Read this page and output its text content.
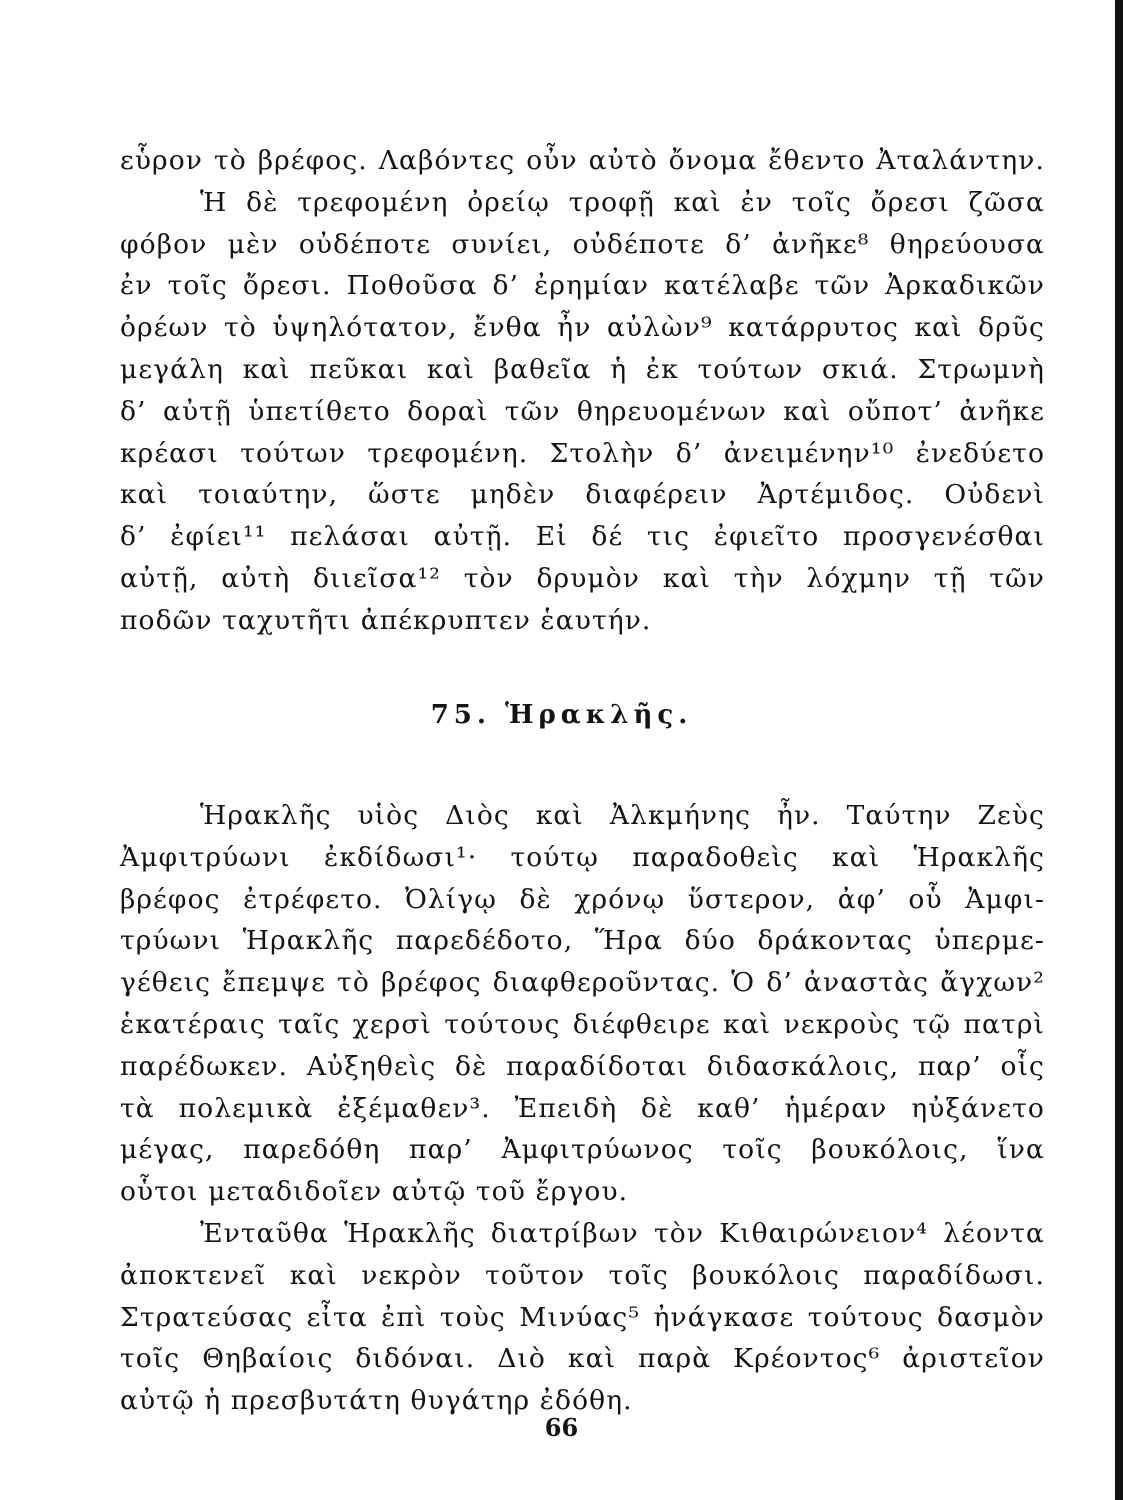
εὗρον τὸ βρέφος. Λαβόντες οὖν αὐτὸ ὄνομα ἔθεντο Ἀταλάντην.
Ἡ δὲ τρεφομένη ὀρείῳ τροφῇ καὶ ἐν τοῖς ὄρεσι ζῶσα
φόβον μὲν οὐδέποτε συνίει, οὐδέποτε δ’ ἀνῆκε⁸ θηρεύουσα
ἐν τοῖς ὄρεσι. Ποθοῦσα δ’ ἐρημίαν κατέλαβε τῶν Ἀρκαδικῶν
ὀρέων τὸ ὑψηλότατον, ἔνθα ἦν αὐλὼν⁹ κατάρρυτος καὶ δρῦς
μεγάλη καὶ πεῦκαι καὶ βαθεῖα ἡ ἐκ τούτων σκιά. Στρωμνὴ
δ’ αὐτῇ ὑπετίθετο δοραὶ τῶν θηρευομένων καὶ οὔποτ’ ἀνῆκε
κρέασι τούτων τρεφομένη. Στολὴν δ’ ἀνειμένην¹⁰ ἐνεδύετο
καὶ τοιαύτην, ὥστε μηδὲν διαφέρειν Ἀρτέμιδος. Οὐδενὶ
δ’ ἐφίει¹¹ πελάσαι αὐτῇ. Εἰ δέ τις ἐφιεῖτο προσγενέσθαι
αὐτῇ, αὐτὴ διιεῖσα¹² τὸν δρυμὸν καὶ τὴν λόχμην τῇ τῶν
ποδῶν ταχυτῆτι ἀπέκρυπτεν ἑαυτήν.
75. Ἡρακλῆς.
Ἡρακλῆς υἱὸς Διὸς καὶ Ἀλκμήνης ἦν. Ταύτην Ζεὺς
Ἀμφιτρύωνι ἐκδίδωσι¹· τούτῳ παραδοθεὶς καὶ Ἡρακλῆς
βρέφος ἐτρέφετο. Ὀλίγῳ δὲ χρόνῳ ὕστερον, ἀφ’ οὗ Ἀμφι-
τρύωνι Ἡρακλῆς παρεδέδοτο, Ἥρα δύο δράκοντας ὑπερμε-
γέθεις ἔπεμψε τὸ βρέφος διαφθεροῦντας. Ὁ δ’ ἀναστὰς ἄγχων²
ἑκατέραις ταῖς χερσὶ τούτους διέφθειρε καὶ νεκροὺς τῷ πατρὶ
παρέδωκεν. Αὐξηθεὶς δὲ παραδίδοται διδασκάλοις, παρ’ οἷς
τὰ πολεμικὰ ἐξέμαθεν³. Ἐπειδὴ δὲ καθ’ ἡμέραν ηὐξάνετο
μέγας, παρεδόθη παρ’ Ἀμφιτρύωνος τοῖς βουκόλοις, ἵνα
οὗτοι μεταδιδοῖεν αὐτῷ τοῦ ἔργου.
Ἐνταῦθα Ἡρακλῆς διατρίβων τὸν Κιθαιρώνειον⁴ λέοντα
ἀποκτενεῖ καὶ νεκρὸν τοῦτον τοῖς βουκόλοις παραδίδωσι.
Στρατεύσας εἶτα ἐπὶ τοὺς Μινύας⁵ ἠνάγκασε τούτους δασμὸν
τοῖς Θηβαίοις διδόναι. Διὸ καὶ παρὰ Κρέοντος⁶ ἀριστεῖον
αὐτῷ ἡ πρεσβυτάτη θυγάτηρ ἐδόθη.
66
